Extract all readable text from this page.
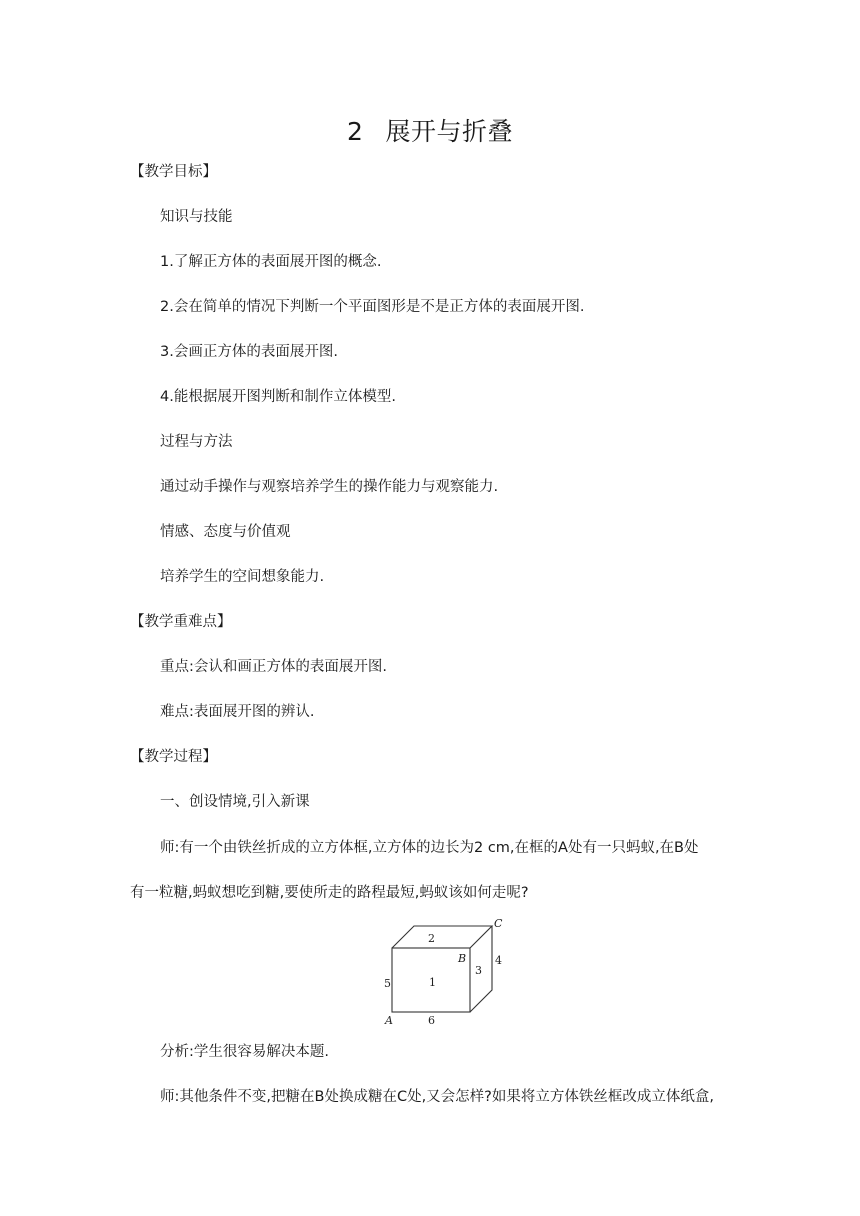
2 展开与折叠

【教学目标】

知识与技能

1.了解正方体的表面展开图的概念.

2.会在简单的情况下判断一个平面图形是不是正方体的表面展开图.

3.会画正方体的表面展开图.

4.能根据展开图判断和制作立体模型.

过程与方法

通过动手操作与观察培养学生的操作能力与观察能力.

情感、态度与价值观

培养学生的空间想象能力.

【教学重难点】

重点:会认和画正方体的表面展开图.

难点:表面展开图的辨认.

【教学过程】

一、创设情境,引入新课

师:有一个由铁丝折成的立方体框,立方体的边长为2 cm,在框的A处有一只蚂蚁,在B处

有一粒糖,蚂蚁想吃到糖,要使所走的路程最短,蚂蚁该如何走呢?

2
1
3
4
5
6
B
C
A

分析:学生很容易解决本题.

师:其他条件不变,把糖在B处换成糖在C处,又会怎样?如果将立方体铁丝框改成立体纸盒,
